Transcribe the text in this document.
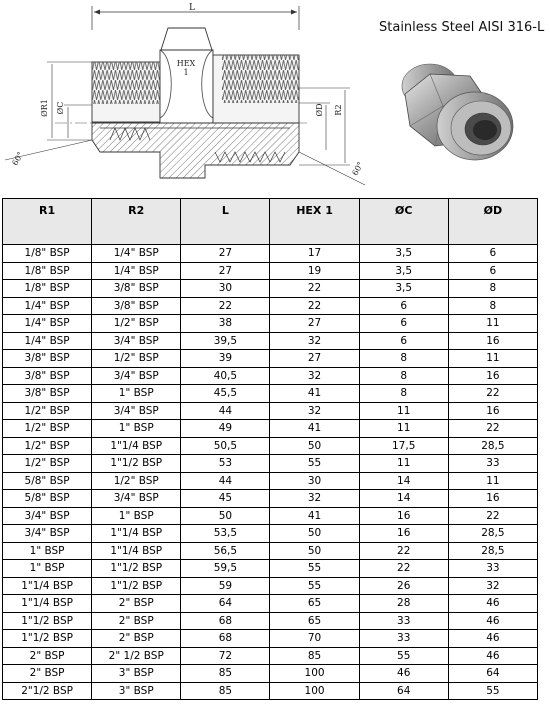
L
HEX
1
ØR1 ØC	ØD R2
60°
60°
Stainless Steel AISI 316-L
R1	R2	L	HEX 1	ØC	ØD
1/8" BSP	1/4" BSP	27	17	3,5	6
1/8" BSP	1/4" BSP	27	19	3,5	6
1/8" BSP	3/8" BSP	30	22	3,5	8
1/4" BSP	3/8" BSP	22	22	6	8
1/4" BSP	1/2" BSP	38	27	6	11
1/4" BSP	3/4" BSP	39,5	32	6	16
3/8" BSP	1/2" BSP	39	27	8	11
3/8" BSP	3/4" BSP	40,5	32	8	16
3/8" BSP	1" BSP	45,5	41	8	22
1/2" BSP	3/4" BSP	44	32	11	16
1/2" BSP	1" BSP	49	41	11	22
1/2" BSP	1"1/4 BSP	50,5	50	17,5	28,5
1/2" BSP	1"1/2 BSP	53	55	11	33
5/8" BSP	1/2" BSP	44	30	14	11
5/8" BSP	3/4" BSP	45	32	14	16
3/4" BSP	1" BSP	50	41	16	22
3/4" BSP	1"1/4 BSP	53,5	50	16	28,5
1" BSP	1"1/4 BSP	56,5	50	22	28,5
1" BSP	1"1/2 BSP	59,5	55	22	33
1"1/4 BSP	1"1/2 BSP	59	55	26	32
1"1/4 BSP	2" BSP	64	65	28	46
1"1/2 BSP	2" BSP	68	65	33	46
1"1/2 BSP	2" BSP	68	70	33	46
2" BSP	2" 1/2 BSP	72	85	55	46
2" BSP	3" BSP	85	100	46	64
2"1/2 BSP	3" BSP	85	100	64	55
